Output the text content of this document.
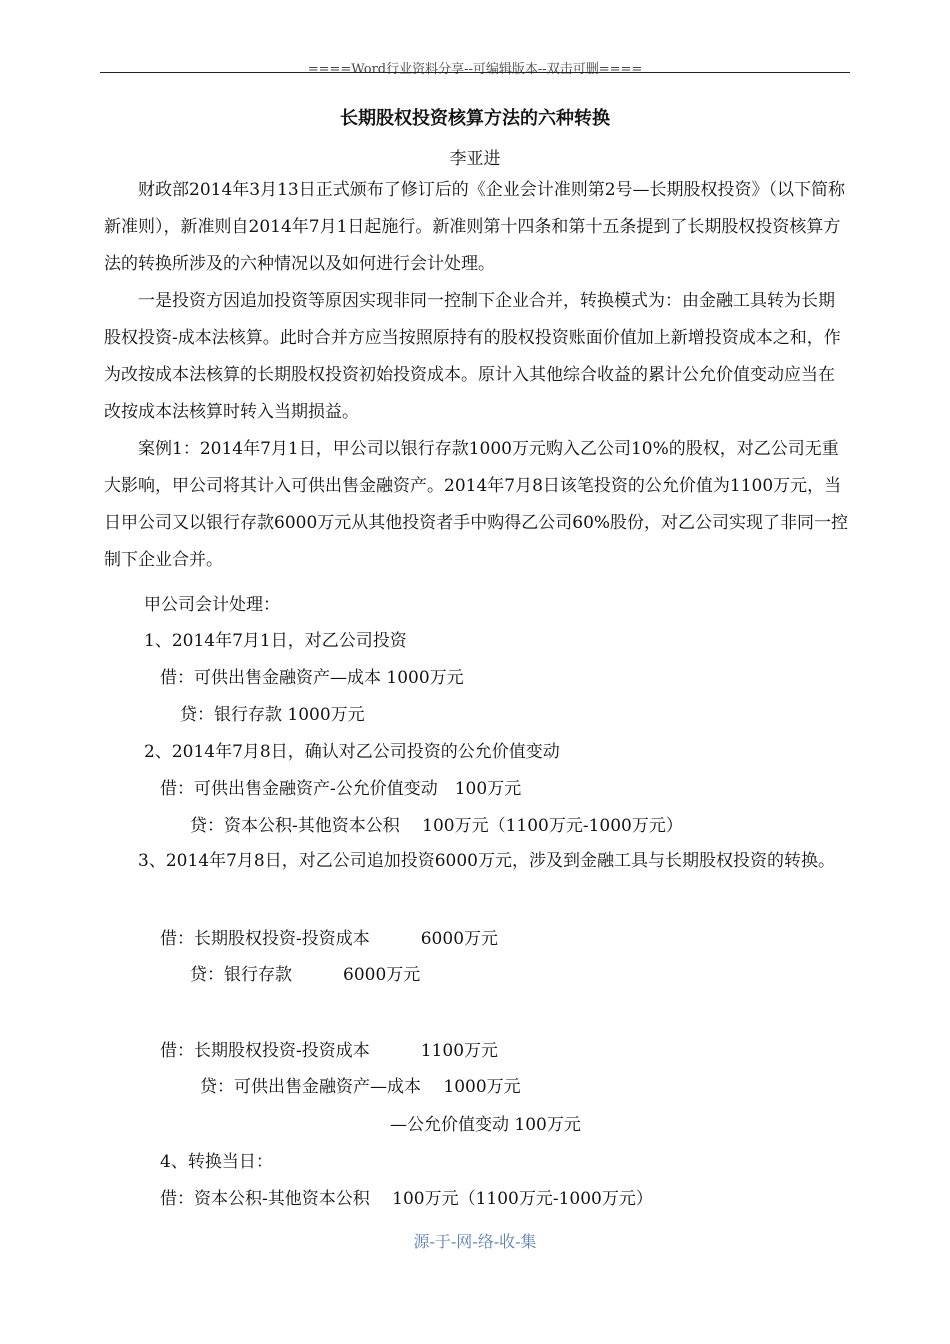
====Word行业资料分享--可编辑版本--双击可删====
长期股权投资核算方法的六种转换
李亚进

　　财政部2014年3月13日正式颁布了修订后的《企业会计准则第2号—长期股权投资》（以下简称新准则），新准则自2014年7月1日起施行。新准则第十四条和第十五条提到了长期股权投资核算方法的转换所涉及的六种情况以及如何进行会计处理。

　　一是投资方因追加投资等原因实现非同一控制下企业合并，转换模式为：由金融工具转为长期股权投资-成本法核算。此时合并方应当按照原持有的股权投资账面价值加上新增投资成本之和，作为改按成本法核算的长期股权投资初始投资成本。原计入其他综合收益的累计公允价值变动应当在改按成本法核算时转入当期损益。

　　案例1：2014年7月1日，甲公司以银行存款1000万元购入乙公司10%的股权，对乙公司无重大影响，甲公司将其计入可供出售金融资产。2014年7月8日该笔投资的公允价值为1100万元，当日甲公司又以银行存款6000万元从其他投资者手中购得乙公司60%股份，对乙公司实现了非同一控制下企业合并。

甲公司会计处理：
1、2014年7月1日，对乙公司投资
借：可供出售金融资产—成本 1000万元
贷：银行存款 1000万元
2、2014年7月8日，确认对乙公司投资的公允价值变动
借：可供出售金融资产-公允价值变动　100万元
贷：资本公积-其他资本公积　 100万元（1100万元-1000万元）

　　3、2014年7月8日，对乙公司追加投资6000万元，涉及到金融工具与长期股权投资的转换。

借：长期股权投资-投资成本　　　6000万元
贷：银行存款　　　6000万元
借：长期股权投资-投资成本　　　1100万元
贷：可供出售金融资产—成本　 1000万元
—公允价值变动 100万元
4、转换当日：
借：资本公积-其他资本公积　 100万元（1100万元-1000万元）
源-于-网-络-收-集
